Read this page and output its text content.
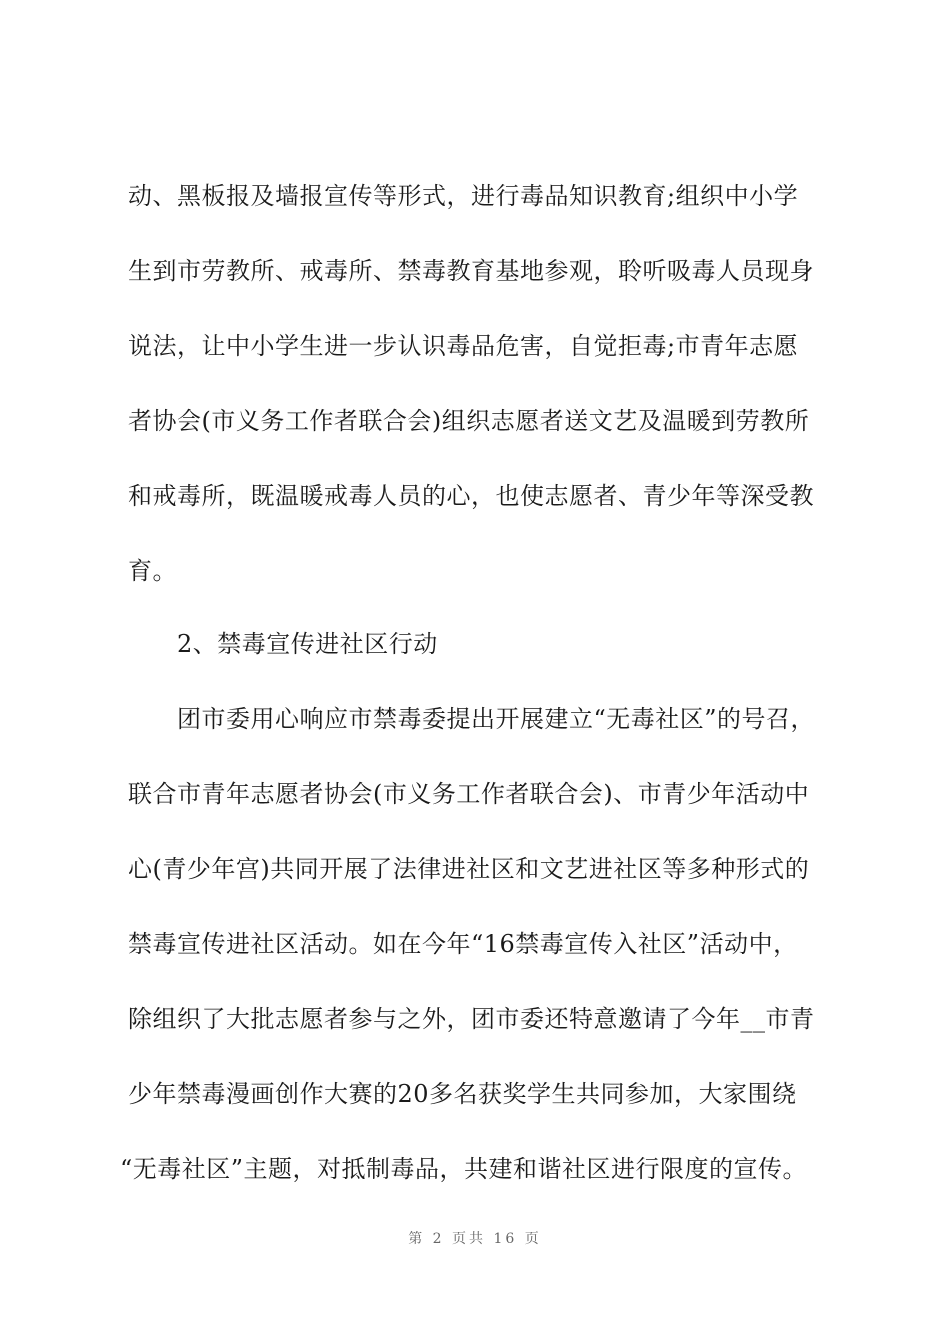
动、黑板报及墙报宣传等形式，进行毒品知识教育;组织中小学
生到市劳教所、戒毒所、禁毒教育基地参观，聆听吸毒人员现身
说法，让中小学生进一步认识毒品危害，自觉拒毒;市青年志愿
者协会(市义务工作者联合会)组织志愿者送文艺及温暖到劳教所
和戒毒所，既温暖戒毒人员的心，也使志愿者、青少年等深受教
育。
2、禁毒宣传进社区行动
团市委用心响应市禁毒委提出开展建立“无毒社区”的号召，
联合市青年志愿者协会(市义务工作者联合会)、市青少年活动中
心(青少年宫)共同开展了法律进社区和文艺进社区等多种形式的
禁毒宣传进社区活动。如在今年“16禁毒宣传入社区”活动中，
除组织了大批志愿者参与之外，团市委还特意邀请了今年__市青
少年禁毒漫画创作大赛的20多名获奖学生共同参加，大家围绕
“无毒社区”主题，对抵制毒品，共建和谐社区进行限度的宣传。
第 2 页共 16 页
